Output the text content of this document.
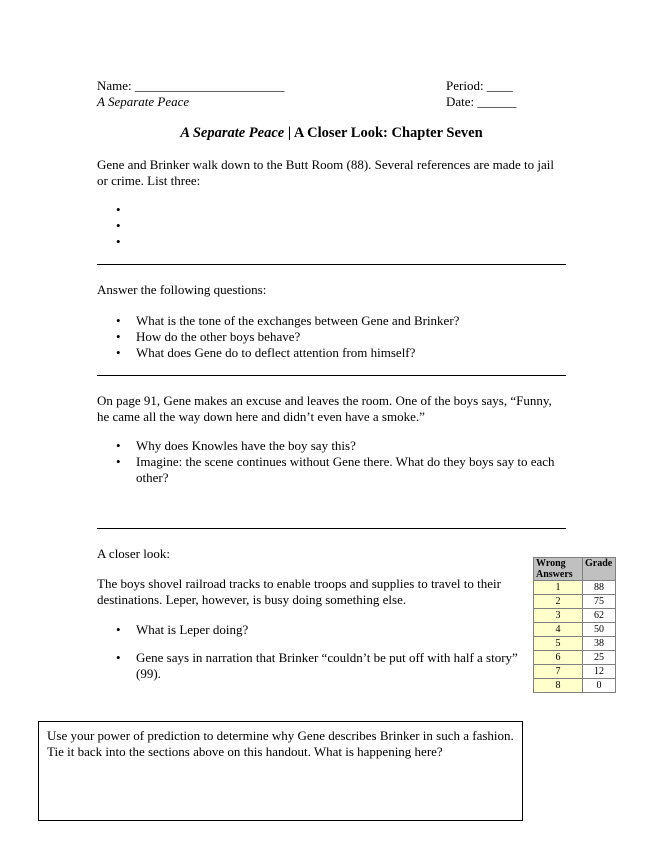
Name: _______________________
A Separate Peace
Period: ____
Date: ______
A Separate Peace | A Closer Look: Chapter Seven
Gene and Brinker walk down to the Butt Room (88). Several references are made to jail
or crime. List three:
•
•
•
Answer the following questions:
• What is the tone of the exchanges between Gene and Brinker?
• How do the other boys behave?
• What does Gene do to deflect attention from himself?
On page 91, Gene makes an excuse and leaves the room. One of the boys says, “Funny,
he came all the way down here and didn’t even have a smoke.”
• Why does Knowles have the boy say this?
• Imagine: the scene continues without Gene there. What do they boys say to each
other?
A closer look:
The boys shovel railroad tracks to enable troops and supplies to travel to their
destinations. Leper, however, is busy doing something else.
• What is Leper doing?
• Gene says in narration that Brinker “couldn’t be put off with half a story”
(99).
Wrong Answers	Grade
1	88
2	75
3	62
4	50
5	38
6	25
7	12
8	0
Use your power of prediction to determine why Gene describes Brinker in such a fashion.
Tie it back into the sections above on this handout. What is happening here?
